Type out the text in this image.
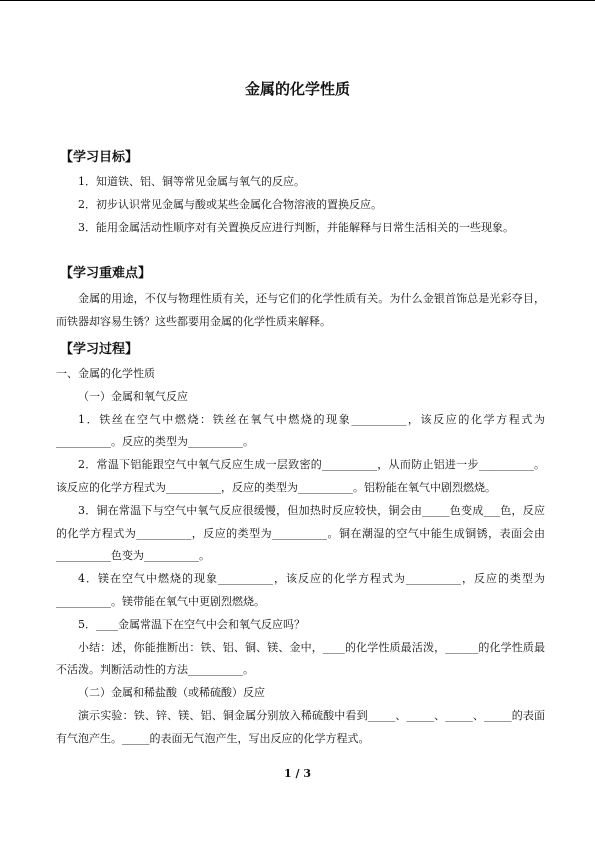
金属的化学性质
【学习目标】

1．知道铁、铝、铜等常见金属与氧气的反应。

2．初步认识常见金属与酸或某些金属化合物溶液的置换反应。

3．能用金属活动性顺序对有关置换反应进行判断，并能解释与日常生活相关的一些现象。

【学习重难点】

金属的用途，不仅与物理性质有关，还与它们的化学性质有关。为什么金银首饰总是光彩夺目，而铁器却容易生锈？这些都要用金属的化学性质来解释。

【学习过程】

一、金属的化学性质

（一）金属和氧气反应

1．铁丝在空气中燃烧：铁丝在氧气中燃烧的现象__________，该反应的化学方程式为__________。反应的类型为__________。

2．常温下铝能跟空气中氧气反应生成一层致密的__________，从而防止铝进一步__________。该反应的化学方程式为__________，反应的类型为__________。铝粉能在氧气中剧烈燃烧。

3．铜在常温下与空气中氧气反应很缓慢，但加热时反应较快，铜会由_____色变成___色，反应的化学方程式为__________，反应的类型为__________。铜在潮湿的空气中能生成铜锈，表面会由__________色变为__________。

4．镁在空气中燃烧的现象__________，该反应的化学方程式为__________，反应的类型为__________。镁带能在氧气中更剧烈燃烧。

5．____金属常温下在空气中会和氧气反应吗？

小结：述，你能推断出：铁、铝、铜、镁、金中，____的化学性质最活泼，______的化学性质最不活泼。判断活动性的方法__________。

（二）金属和稀盐酸（或稀硫酸）反应

演示实验：铁、锌、镁、铝、铜金属分别放入稀硫酸中看到_____、_____、_____、_____的表面有气泡产生。_____的表面无气泡产生，写出反应的化学方程式。

1 / 3
